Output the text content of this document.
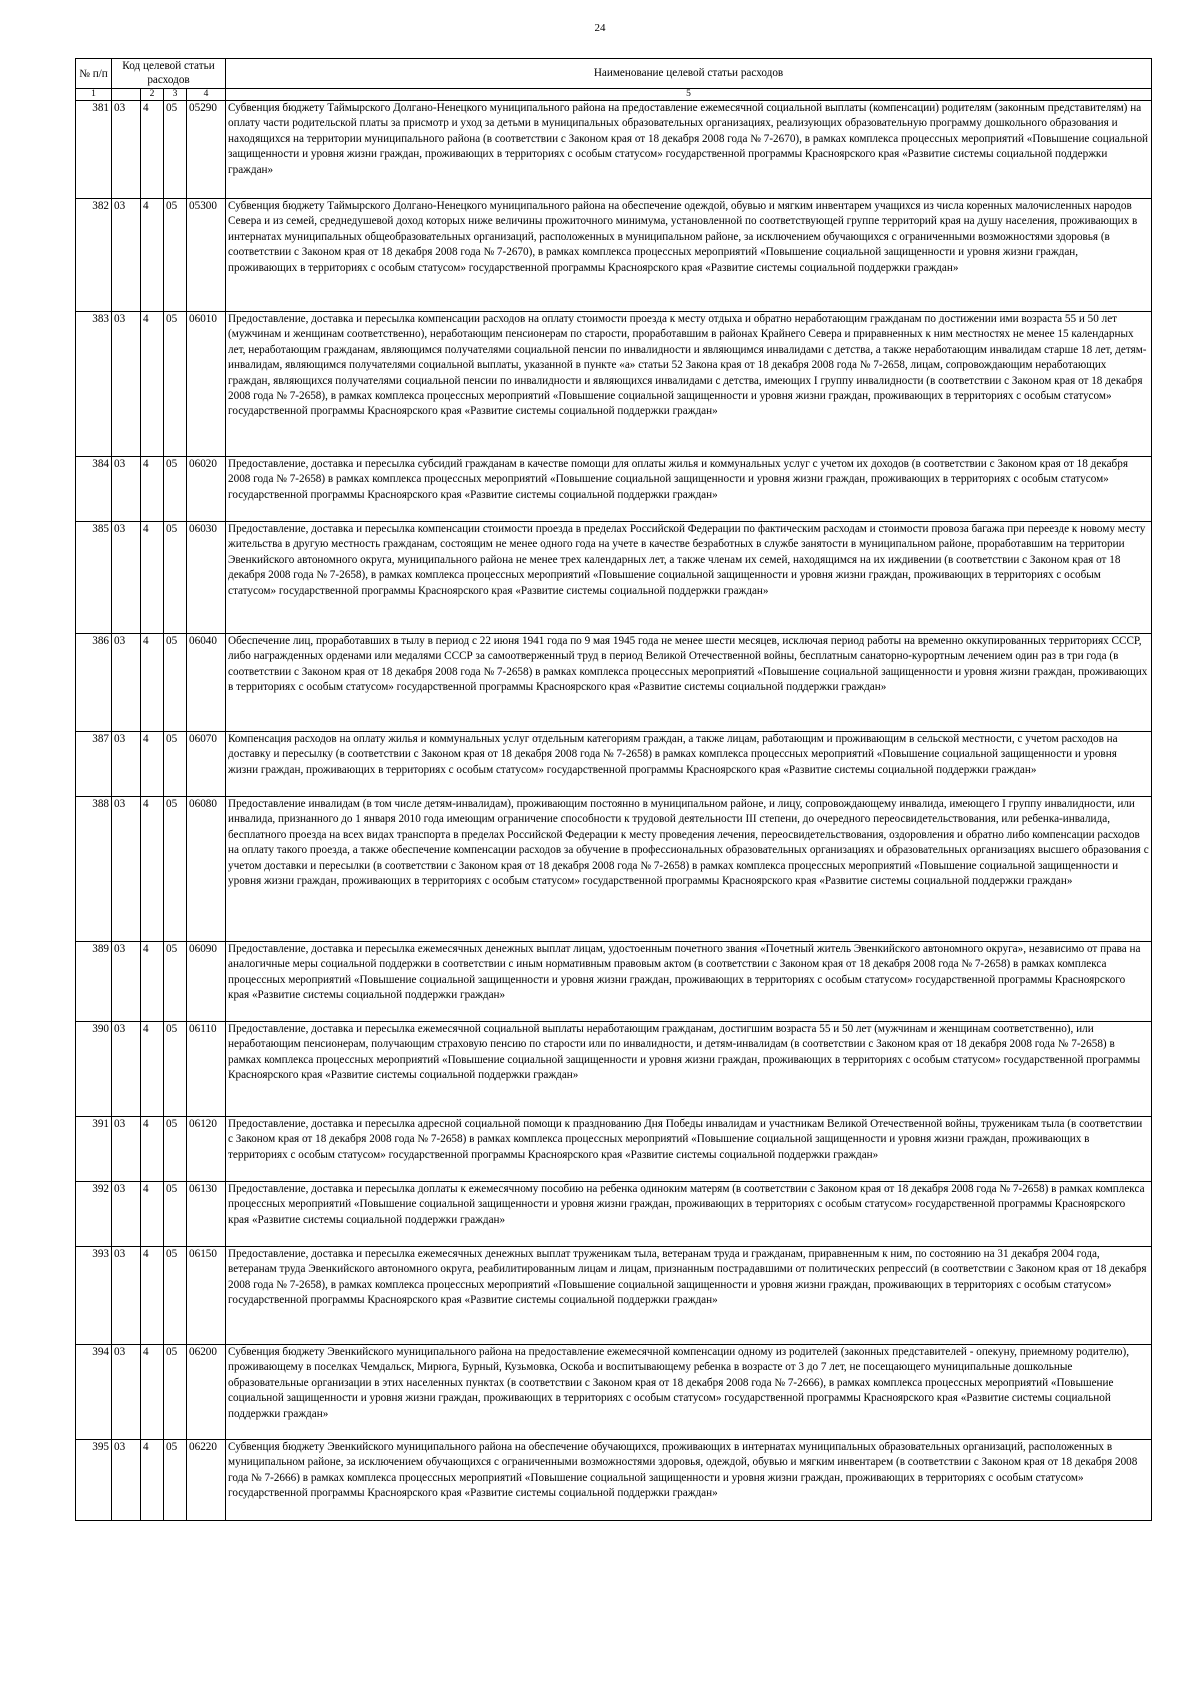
24
№ п/п	Код целевой статьи расходов				Наименование целевой статьи расходов

1		2	3	4	5
381	03	4	05	05290	Субвенция бюджету Таймырского Долгано-Ненецкого муниципального района на предоставление ежемесячной социальной выплаты (компенсации) родителям (законным представителям) на оплату части родительской платы за присмотр и уход за детьми в муниципальных образовательных организациях, реализующих образовательную программу дошкольного образования и находящихся на территории муниципального района (в соответствии с Законом края от 18 декабря 2008 года № 7-2670), в рамках комплекса процессных мероприятий «Повышение социальной защищенности и уровня жизни граждан, проживающих в территориях с особым статусом» государственной программы Красноярского края «Развитие системы социальной поддержки граждан»
382	03	4	05	05300	Субвенция бюджету Таймырского Долгано-Ненецкого муниципального района на обеспечение одеждой, обувью и мягким инвентарем учащихся из числа коренных малочисленных народов Севера и из семей, среднедушевой доход которых ниже величины прожиточного минимума, установленной по соответствующей группе территорий края на душу населения, проживающих в интернатах муниципальных общеобразовательных организаций, расположенных в муниципальном районе, за исключением обучающихся с ограниченными возможностями здоровья (в соответствии с Законом края от 18 декабря 2008 года № 7-2670), в рамках комплекса процессных мероприятий «Повышение социальной защищенности и уровня жизни граждан, проживающих в территориях с особым статусом» государственной программы Красноярского края «Развитие системы социальной поддержки граждан»
383	03	4	05	06010	Предоставление, доставка и пересылка компенсации расходов на оплату стоимости проезда к месту отдыха и обратно неработающим гражданам по достижении ими возраста 55 и 50 лет (мужчинам и женщинам соответственно), неработающим пенсионерам по старости, проработавшим в районах Крайнего Севера и приравненных к ним местностях не менее 15 календарных лет, неработающим гражданам, являющимся получателями социальной пенсии по инвалидности и являющимся инвалидами с детства, а также неработающим инвалидам старше 18 лет, детям-инвалидам, являющимся получателями социальной выплаты, указанной в пункте «а» статьи 52 Закона края от 18 декабря 2008 года № 7-2658, лицам, сопровождающим неработающих граждан, являющихся получателями социальной пенсии по инвалидности и являющихся инвалидами с детства, имеющих I группу инвалидности (в соответствии с Законом края от 18 декабря 2008 года № 7-2658), в рамках комплекса процессных мероприятий «Повышение социальной защищенности и уровня жизни граждан, проживающих в территориях с особым статусом» государственной программы Красноярского края «Развитие системы социальной поддержки граждан»
384	03	4	05	06020	Предоставление, доставка и пересылка субсидий гражданам в качестве помощи для оплаты жилья и коммунальных услуг с учетом их доходов (в соответствии с Законом края от 18 декабря 2008 года № 7-2658) в рамках комплекса процессных мероприятий «Повышение социальной защищенности и уровня жизни граждан, проживающих в территориях с особым статусом» государственной программы Красноярского края «Развитие системы социальной поддержки граждан»
385	03	4	05	06030	Предоставление, доставка и пересылка компенсации стоимости проезда в пределах Российской Федерации по фактическим расходам и стоимости провоза багажа при переезде к новому месту жительства в другую местность гражданам, состоящим не менее одного года на учете в качестве безработных в службе занятости в муниципальном районе, проработавшим на территории Эвенкийского автономного округа, муниципального района не менее трех календарных лет, а также членам их семей, находящимся на их иждивении (в соответствии с Законом края от 18 декабря 2008 года № 7-2658), в рамках комплекса процессных мероприятий «Повышение социальной защищенности и уровня жизни граждан, проживающих в территориях с особым статусом» государственной программы Красноярского края «Развитие системы социальной поддержки граждан»
386	03	4	05	06040	Обеспечение лиц, проработавших в тылу в период с 22 июня 1941 года по 9 мая 1945 года не менее шести месяцев, исключая период работы на временно оккупированных территориях СССР, либо награжденных орденами или медалями СССР за самоотверженный труд в период Великой Отечественной войны, бесплатным санаторно-курортным лечением один раз в три года (в соответствии с Законом края от 18 декабря 2008 года № 7-2658) в рамках комплекса процессных мероприятий «Повышение социальной защищенности и уровня жизни граждан, проживающих в территориях с особым статусом» государственной программы Красноярского края «Развитие системы социальной поддержки граждан»
387	03	4	05	06070	Компенсация расходов на оплату жилья и коммунальных услуг отдельным категориям граждан, а также лицам, работающим и проживающим в сельской местности, с учетом расходов на доставку и пересылку (в соответствии с Законом края от 18 декабря 2008 года № 7-2658) в рамках комплекса процессных мероприятий «Повышение социальной защищенности и уровня жизни граждан, проживающих в территориях с особым статусом» государственной программы Красноярского края «Развитие системы социальной поддержки граждан»
388	03	4	05	06080	Предоставление инвалидам (в том числе детям-инвалидам), проживающим постоянно в муниципальном районе, и лицу, сопровождающему инвалида, имеющего I группу инвалидности, или инвалида, признанного до 1 января 2010 года имеющим ограничение способности к трудовой деятельности III степени, до очередного переосвидетельствования, или ребенка-инвалида, бесплатного проезда на всех видах транспорта в пределах Российской Федерации к месту проведения лечения, переосвидетельствования, оздоровления и обратно либо компенсации расходов на оплату такого проезда, а также обеспечение компенсации расходов за обучение в профессиональных образовательных организациях и образовательных организациях высшего образования с учетом доставки и пересылки (в соответствии с Законом края от 18 декабря 2008 года № 7-2658) в рамках комплекса процессных мероприятий «Повышение социальной защищенности и уровня жизни граждан, проживающих в территориях с особым статусом» государственной программы Красноярского края «Развитие системы социальной поддержки граждан»
389	03	4	05	06090	Предоставление, доставка и пересылка ежемесячных денежных выплат лицам, удостоенным почетного звания «Почетный житель Эвенкийского автономного округа», независимо от права на аналогичные меры социальной поддержки в соответствии с иным нормативным правовым актом (в соответствии с Законом края от 18 декабря 2008 года № 7-2658) в рамках комплекса процессных мероприятий «Повышение социальной защищенности и уровня жизни граждан, проживающих в территориях с особым статусом» государственной программы Красноярского края «Развитие системы социальной поддержки граждан»
390	03	4	05	06110	Предоставление, доставка и пересылка ежемесячной социальной выплаты неработающим гражданам, достигшим возраста 55 и 50 лет (мужчинам и женщинам соответственно), или неработающим пенсионерам, получающим страховую пенсию по старости или по инвалидности, и детям-инвалидам (в соответствии с Законом края от 18 декабря 2008 года № 7-2658) в рамках комплекса процессных мероприятий «Повышение социальной защищенности и уровня жизни граждан, проживающих в территориях с особым статусом» государственной программы Красноярского края «Развитие системы социальной поддержки граждан»
391	03	4	05	06120	Предоставление, доставка и пересылка адресной социальной помощи к празднованию Дня Победы инвалидам и участникам Великой Отечественной войны, труженикам тыла (в соответствии с Законом края от 18 декабря 2008 года № 7-2658) в рамках комплекса процессных мероприятий «Повышение социальной защищенности и уровня жизни граждан, проживающих в территориях с особым статусом» государственной программы Красноярского края «Развитие системы социальной поддержки граждан»
392	03	4	05	06130	Предоставление, доставка и пересылка доплаты к ежемесячному пособию на ребенка одиноким матерям (в соответствии с Законом края от 18 декабря 2008 года № 7-2658) в рамках комплекса процессных мероприятий «Повышение социальной защищенности и уровня жизни граждан, проживающих в территориях с особым статусом» государственной программы Красноярского края «Развитие системы социальной поддержки граждан»
393	03	4	05	06150	Предоставление, доставка и пересылка ежемесячных денежных выплат труженикам тыла, ветеранам труда и гражданам, приравненным к ним, по состоянию на 31 декабря 2004 года, ветеранам труда Эвенкийского автономного округа, реабилитированным лицам и лицам, признанным пострадавшими от политических репрессий (в соответствии с Законом края от 18 декабря 2008 года № 7-2658), в рамках комплекса процессных мероприятий «Повышение социальной защищенности и уровня жизни граждан, проживающих в территориях с особым статусом» государственной программы Красноярского края «Развитие системы социальной поддержки граждан»
394	03	4	05	06200	Субвенция бюджету Эвенкийского муниципального района на предоставление ежемесячной компенсации одному из родителей (законных представителей - опекуну, приемному родителю), проживающему в поселках Чемдальск, Мирюга, Бурный, Кузьмовка, Оскоба и воспитывающему ребенка в возрасте от 3 до 7 лет, не посещающего муниципальные дошкольные образовательные организации в этих населенных пунктах (в соответствии с Законом края от 18 декабря 2008 года № 7-2666), в рамках комплекса процессных мероприятий «Повышение социальной защищенности и уровня жизни граждан, проживающих в территориях с особым статусом» государственной программы Красноярского края «Развитие системы социальной поддержки граждан»
395	03	4	05	06220	Субвенция бюджету Эвенкийского муниципального района на обеспечение обучающихся, проживающих в интернатах муниципальных образовательных организаций, расположенных в муниципальном районе, за исключением обучающихся с ограниченными возможностями здоровья, одеждой, обувью и мягким инвентарем (в соответствии с Законом края от 18 декабря 2008 года № 7-2666) в рамках комплекса процессных мероприятий «Повышение социальной защищенности и уровня жизни граждан, проживающих в территориях с особым статусом» государственной программы Красноярского края «Развитие системы социальной поддержки граждан»
